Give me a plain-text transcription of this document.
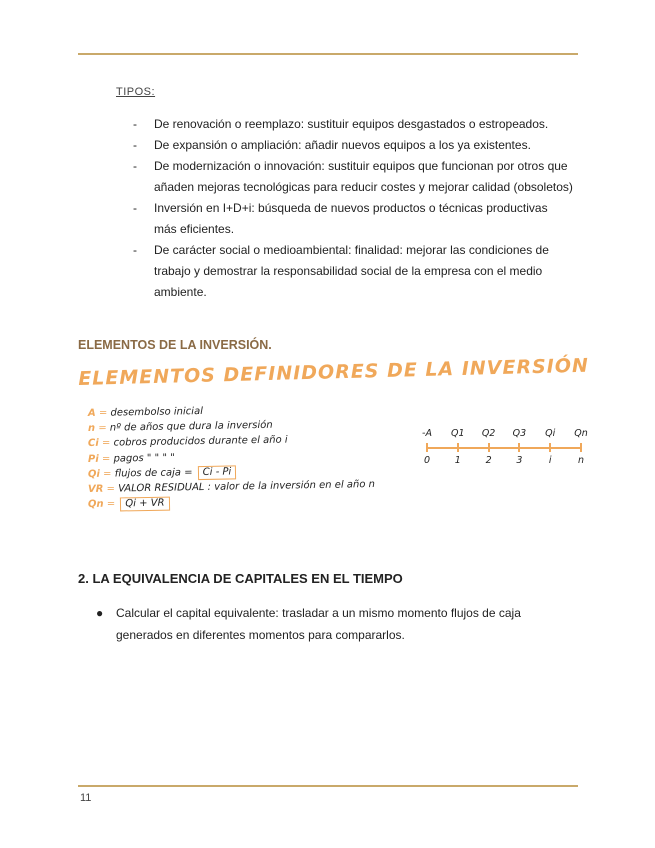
TIPOS:
- De renovación o reemplazo: sustituir equipos desgastados o estropeados.
- De expansión o ampliación: añadir nuevos equipos a los ya existentes.
- De modernización o innovación: sustituir equipos que funcionan por otros que añaden mejoras tecnológicas para reducir costes y mejorar calidad (obsoletos)
- Inversión en I+D+i: búsqueda de nuevos productos o técnicas productivas más eficientes.
- De carácter social o medioambiental: finalidad: mejorar las condiciones de trabajo y demostrar la responsabilidad social de la empresa con el medio ambiente.
ELEMENTOS DE LA INVERSIÓN.
ELEMENTOS DEFINIDORES DE LA INVERSIÓN
A = desembolso inicial
n = nº de años que dura la inversión
Ci = cobros producidos durante el año i
Pi = pagos " " " "
Qi = flujos de caja = Ci - Pi
VR = VALOR RESIDUAL : valor de la inversión en el año n
Qn = Qi + VR
-A
0
Q1
1
Q2
2
Q3
3
Qi
i
Qn
n
2. LA EQUIVALENCIA DE CAPITALES EN EL TIEMPO
● Calcular el capital equivalente: trasladar a un mismo momento flujos de caja generados en diferentes momentos para compararlos.
11
